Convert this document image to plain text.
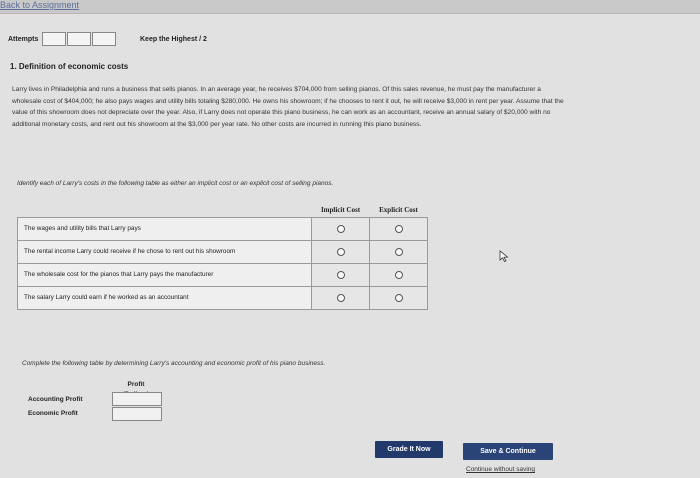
Back to Assignment
Attempts	Keep the Highest / 2
1. Definition of economic costs
Larry lives in Philadelphia and runs a business that sells pianos. In an average year, he receives $704,000 from selling pianos. Of this sales revenue, he must pay the manufacturer a wholesale cost of $404,000; he also pays wages and utility bills totaling $280,000. He owns his showroom; if he chooses to rent it out, he will receive $3,000 in rent per year. Assume that the value of this showroom does not depreciate over the year. Also, if Larry does not operate this piano business, he can work as an accountant, receive an annual salary of $20,000 with no additional monetary costs, and rent out his showroom at the $3,000 per year rate. No other costs are incurred in running this piano business.
Identify each of Larry's costs in the following table as either an implicit cost or an explicit cost of selling pianos.
	Implicit Cost	Explicit Cost
The wages and utility bills that Larry pays		
The rental income Larry could receive if he chose to rent out his showroom		
The wholesale cost for the pianos that Larry pays the manufacturer		
The salary Larry could earn if he worked as an accountant		
Complete the following table by determining Larry's accounting and economic profit of his piano business.
Profit
Accounting Profit
Economic Profit
Grade It Now	Save & Continue
Continue without saving
